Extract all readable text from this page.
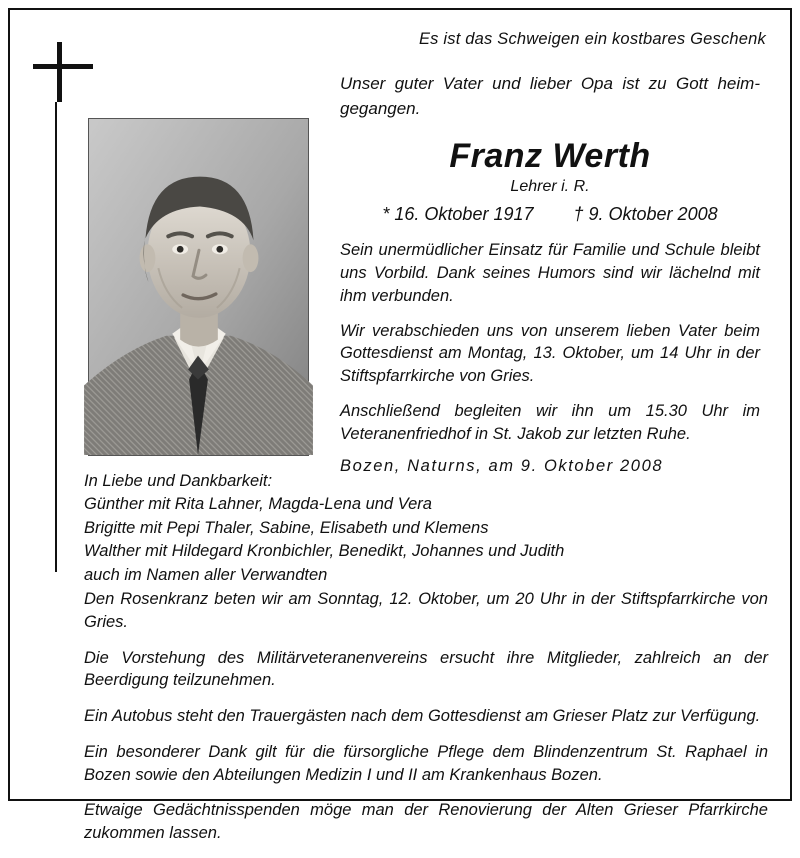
Es ist das Schweigen ein kostbares Geschenk

Unser guter Vater und lieber Opa ist zu Gott heim-gegangen.

Franz Werth
Lehrer i. R.
* 16. Oktober 1917 † 9. Oktober 2008

Sein unermüdlicher Einsatz für Familie und Schule bleibt uns Vorbild. Dank seines Humors sind wir lächelnd mit ihm verbunden.

Wir verabschieden uns von unserem lieben Vater beim Gottesdienst am Montag, 13. Oktober, um 14 Uhr in der Stiftspfarrkirche von Gries.

Anschließend begleiten wir ihn um 15.30 Uhr im Veteranenfriedhof in St. Jakob zur letzten Ruhe.

Bozen, Naturns, am 9. Oktober 2008

In Liebe und Dankbarkeit:
Günther mit Rita Lahner, Magda-Lena und Vera
Brigitte mit Pepi Thaler, Sabine, Elisabeth und Klemens
Walther mit Hildegard Kronbichler, Benedikt, Johannes und Judith
auch im Namen aller Verwandten

Den Rosenkranz beten wir am Sonntag, 12. Oktober, um 20 Uhr in der Stiftspfarrkirche von Gries.

Die Vorstehung des Militärveteranenvereins ersucht ihre Mitglieder, zahlreich an der Beerdigung teilzunehmen.

Ein Autobus steht den Trauergästen nach dem Gottesdienst am Grieser Platz zur Verfügung.

Ein besonderer Dank gilt für die fürsorgliche Pflege dem Blindenzentrum St. Raphael in Bozen sowie den Abteilungen Medizin I und II am Krankenhaus Bozen.

Etwaige Gedächtnisspenden möge man der Renovierung der Alten Grieser Pfarrkirche zukommen lassen.
